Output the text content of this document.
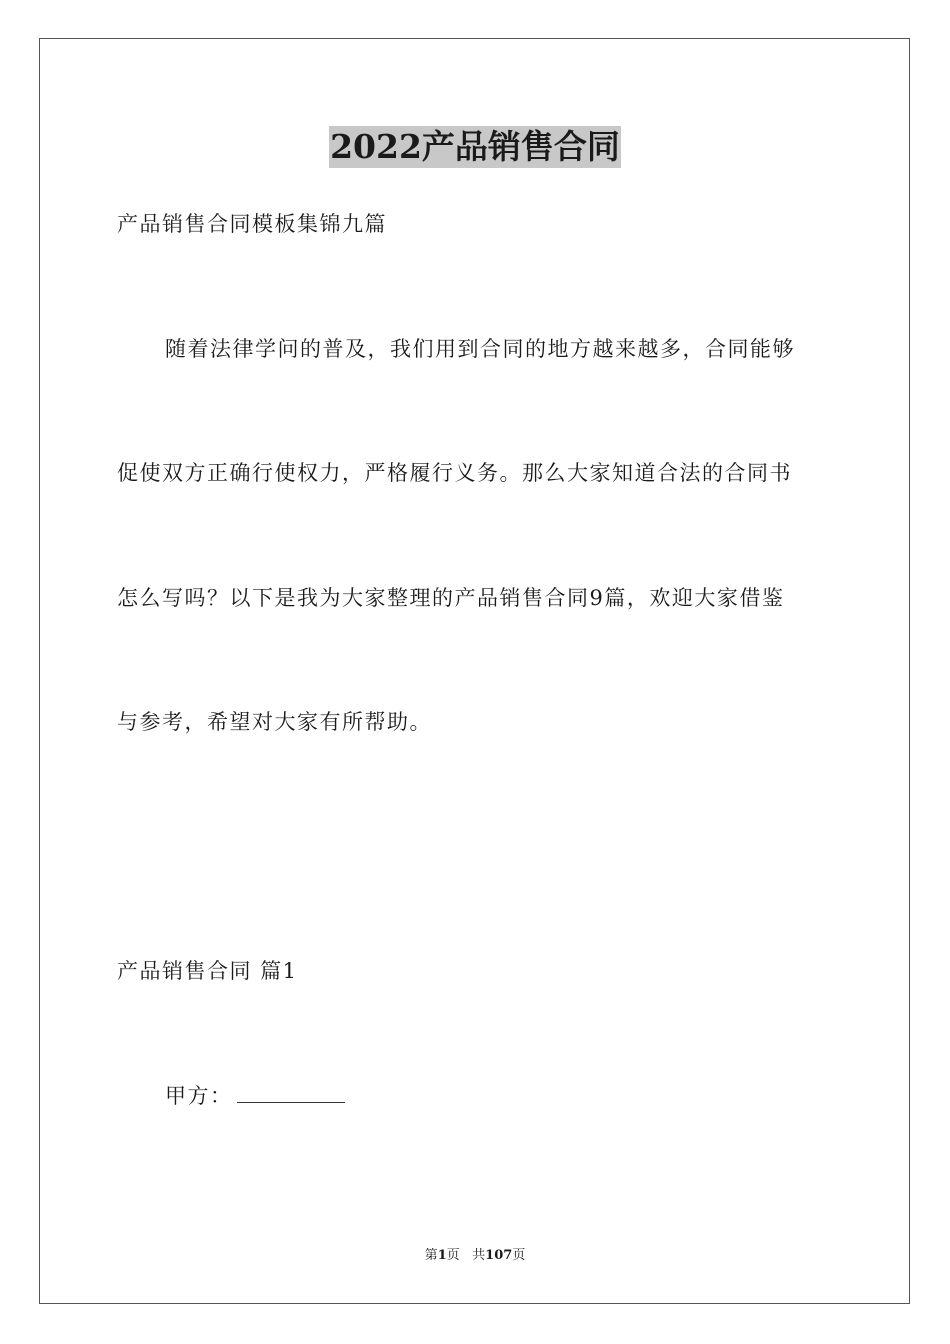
2022产品销售合同
产品销售合同模板集锦九篇
随着法律学问的普及，我们用到合同的地方越来越多，合同能够
促使双方正确行使权力，严格履行义务。那么大家知道合法的合同书
怎么写吗？以下是我为大家整理的产品销售合同9篇，欢迎大家借鉴
与参考，希望对大家有所帮助。
产品销售合同 篇1
甲方：
第1页 共107页
